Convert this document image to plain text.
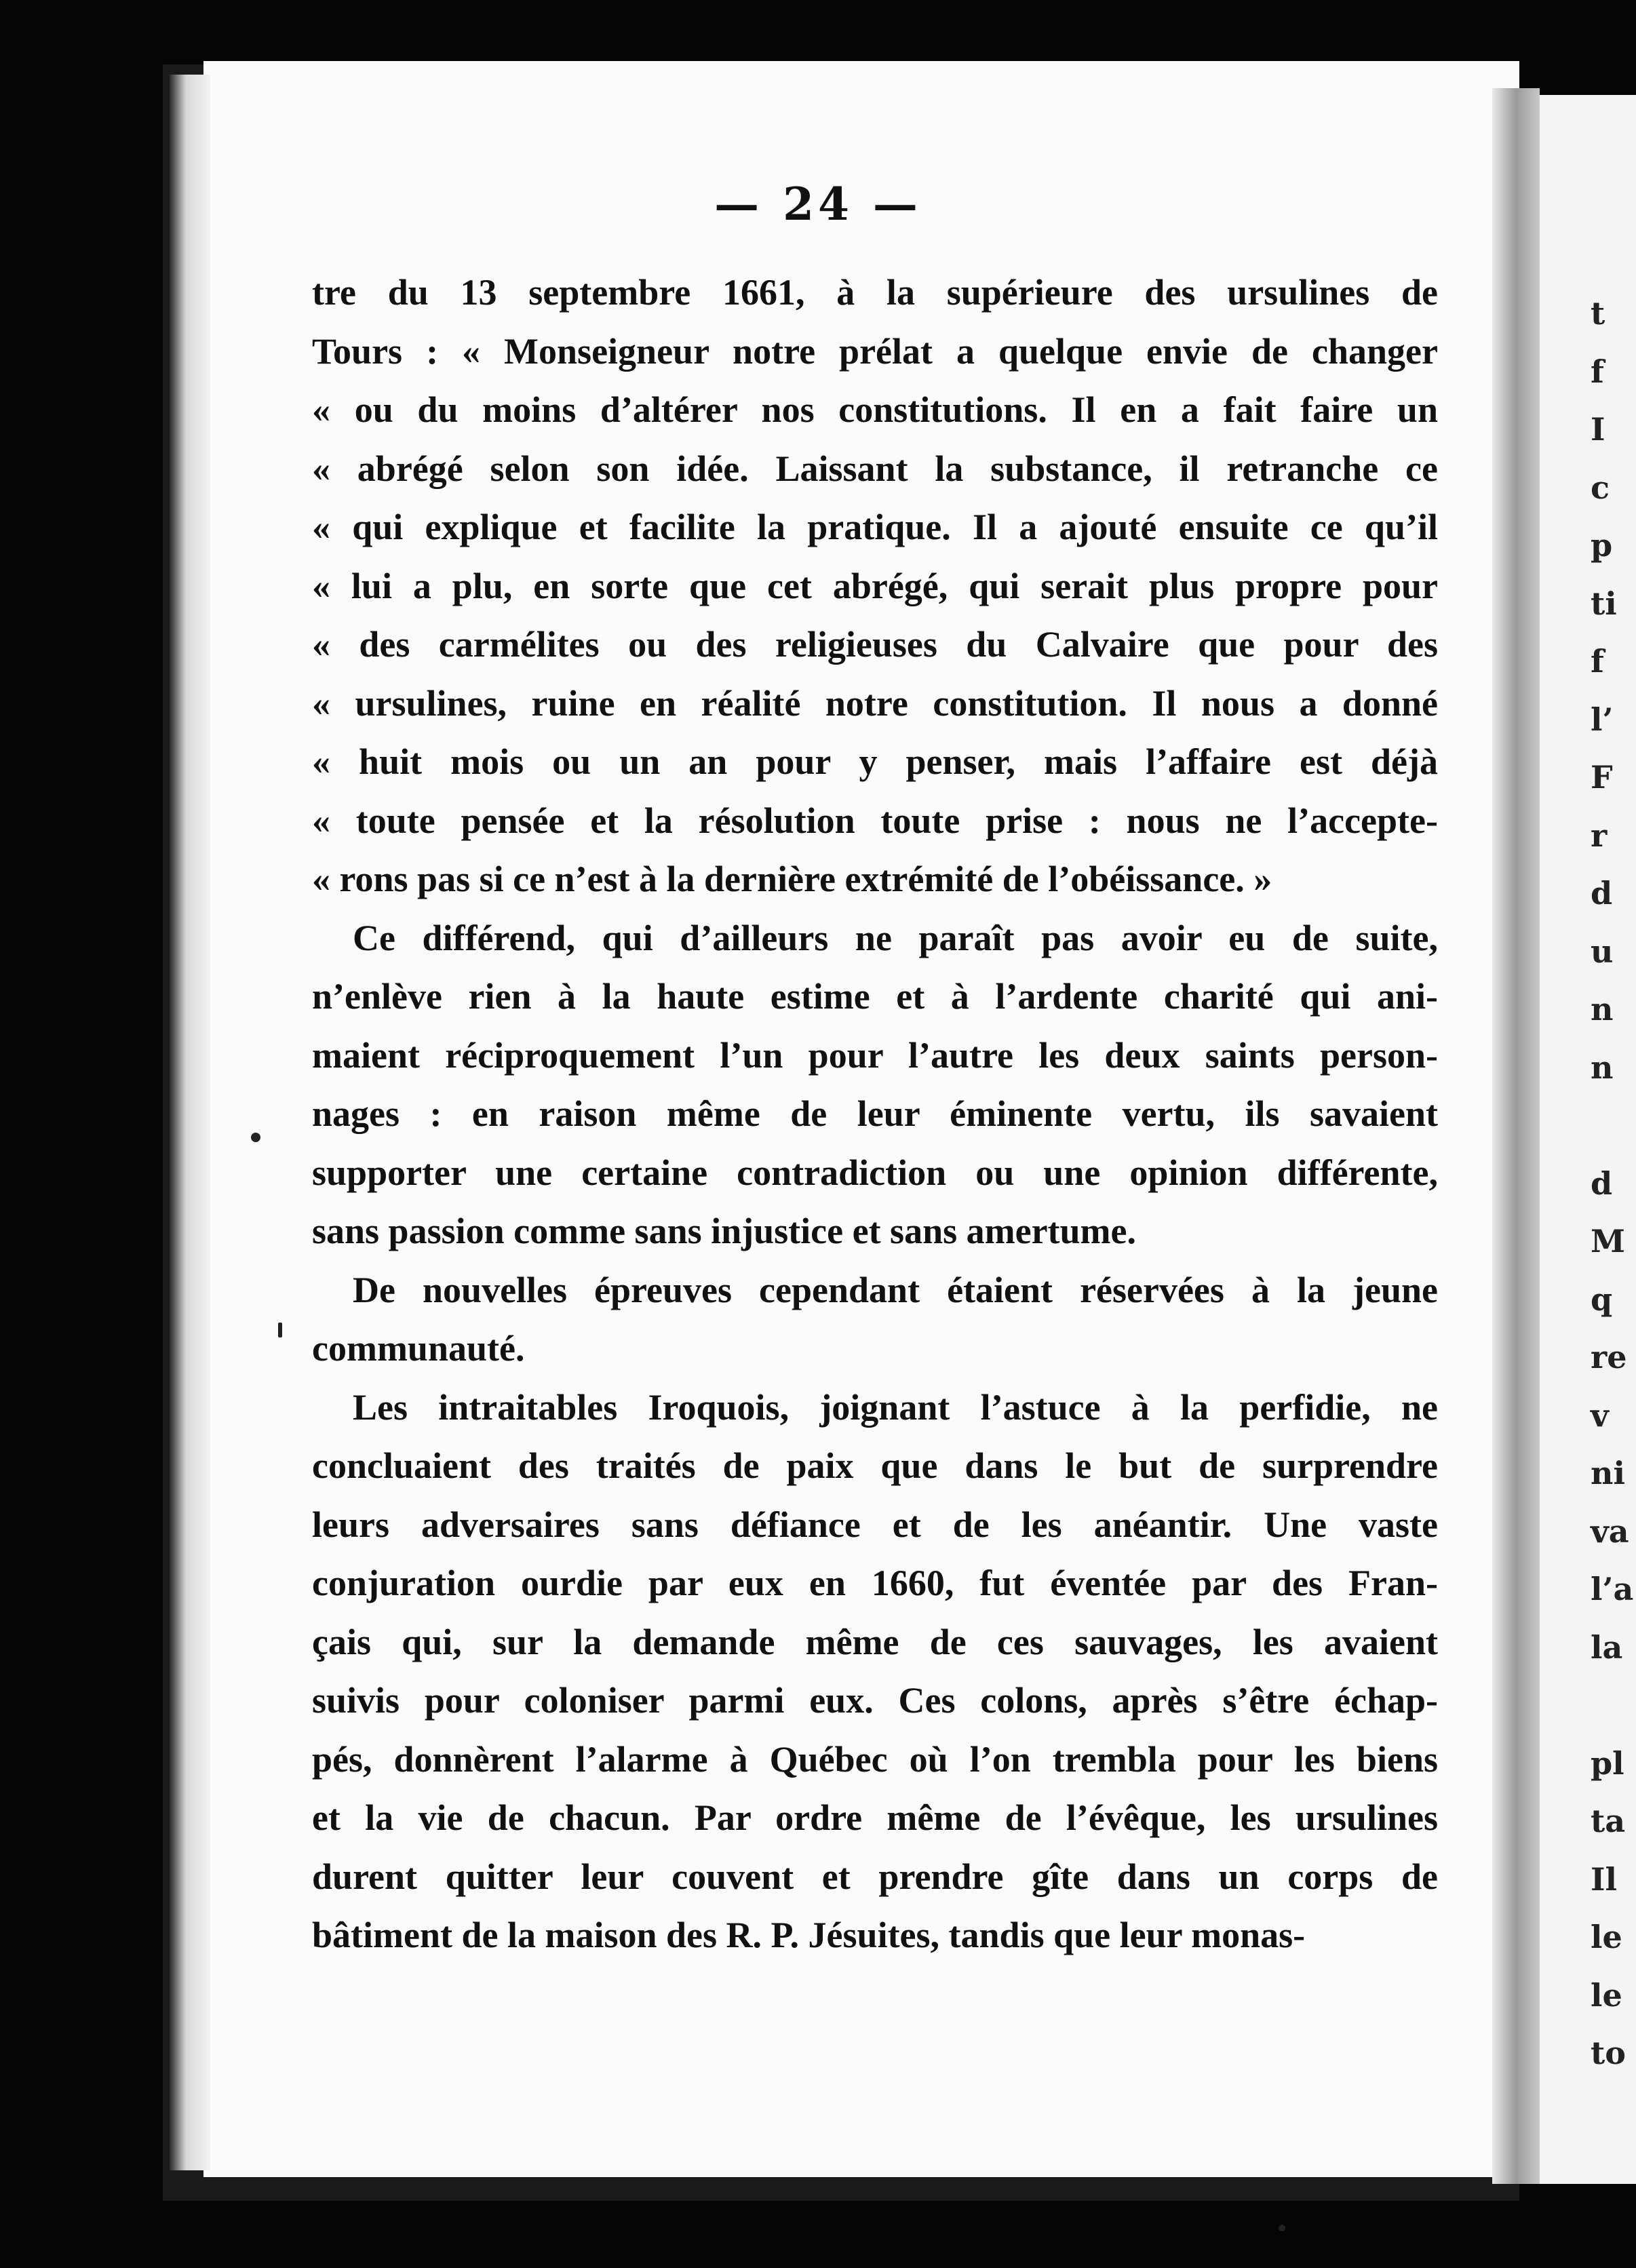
t
f
I
c
p
ti
f
l’
F
r
d
u
n
n
d
M
q
re
v
ni
va
l’a
la
pl
ta
Il
le
le
to
— 24 —
tre du 13 septembre 1661, à la supérieure des ursulines de
Tours : « Monseigneur notre prélat a quelque envie de changer
« ou du moins d’altérer nos constitutions. Il en a fait faire un
« abrégé selon son idée. Laissant la substance, il retranche ce
« qui explique et facilite la pratique. Il a ajouté ensuite ce qu’il
« lui a plu, en sorte que cet abrégé, qui serait plus propre pour
« des carmélites ou des religieuses du Calvaire que pour des
« ursulines, ruine en réalité notre constitution. Il nous a donné
« huit mois ou un an pour y penser, mais l’affaire est déjà
« toute pensée et la résolution toute prise : nous ne l’accepte-
« rons pas si ce n’est à la dernière extrémité de l’obéissance. »
Ce différend, qui d’ailleurs ne paraît pas avoir eu de suite,
n’enlève rien à la haute estime et à l’ardente charité qui ani-
maient réciproquement l’un pour l’autre les deux saints person-
nages : en raison même de leur éminente vertu, ils savaient
supporter une certaine contradiction ou une opinion différente,
sans passion comme sans injustice et sans amertume.
De nouvelles épreuves cependant étaient réservées à la jeune
communauté.
Les intraitables Iroquois, joignant l’astuce à la perfidie, ne
concluaient des traités de paix que dans le but de surprendre
leurs adversaires sans défiance et de les anéantir. Une vaste
conjuration ourdie par eux en 1660, fut éventée par des Fran-
çais qui, sur la demande même de ces sauvages, les avaient
suivis pour coloniser parmi eux. Ces colons, après s’être échap-
pés, donnèrent l’alarme à Québec où l’on trembla pour les biens
et la vie de chacun. Par ordre même de l’évêque, les ursulines
durent quitter leur couvent et prendre gîte dans un corps de
bâtiment de la maison des R. P. Jésuites, tandis que leur monas-
